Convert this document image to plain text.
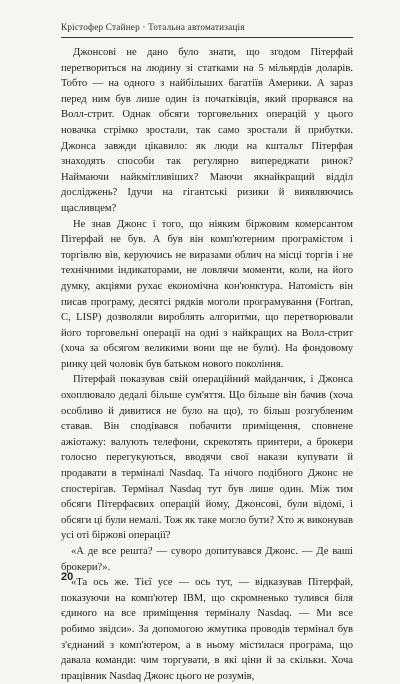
Крістофер Стайнер · Тотальна автоматизація

Джонсові не дано було знати, що згодом Пітерфай перетвориться на людину зі статками на 5 мільярдів доларів. Тобто — на одного з найбільших багатіїв Америки. А зараз перед ним був лише один із початківців, який прорвався на Волл-стрит. Однак обсяги торговельних операцій у цього новачка стрімко зростали, так само зростали й прибутки. Джонса завжди цікавило: як люди на кштальт Пітерфая знаходять способи так регулярно випереджати ринок? Наймаючи найкмітливіших? Маючи якнайкращий відділ досліджень? Ідучи на гігантські ризики й виявляючись щасливцем?

Не знав Джонс і того, що ніяким біржовим комерсантом Пітерфай не був. А був він комп'ютерним програмістом і торгівлю вів, керуючись не виразами облич на місці торгів і не технічними індикаторами, не ловлячи моменти, коли, на його думку, акціями рухає економічна кон'юнктура. Натомість він писав програму, десятсі рядків моголи програмування (Fortran, C, LISP) дозволяли вироблять алгоритми, що перетворювали його торговельні операції на одні з найкращих на Волл-стрит (хоча за обсягом великими вони ще не були). На фондовому ринку цей чоловік був батьком нового покоління.

Пітерфай показував свій операційний майданчик, і Джонса охоплювало дедалі більше сум'яття. Що більше він бачив (хоча особливо й дивитися не було на що), то більш розгубленим ставав. Він сподівався побачити приміщення, сповнене ажіотажу: валують телефони, скрекотять принтери, а брокери голосно перегукуються, вводячи свої накази купувати й продавати в терміналі Nasdaq. Та нічого подібного Джонс не спостерігав. Термінал Nasdaq тут був лише один. Між тим обсяги Пітерфаєвих операцій йому, Джонсові, були відомі, і обсяги ці були немалі. Тож як таке могло бути? Хто ж виконував усі оті біржові операції?

«А де все решта? — суворо допитувався Джонс. — Де ваші брокери?».

«Та ось же. Тієї усе — ось тут, — відказував Пітерфай, показуючи на комп'ютер IBM, що скромненько тулився біля єдиного на все приміщення терміналу Nasdaq. — Ми все робимо звідси». За допомогою жмутика проводів термінал був з'єднаний з комп'ютером, а в ньому містилася програма, що давала команди: чим торгувати, в які ціни й за скільки. Хоча працівник Nasdaq Джонс цього не розумів,

20
